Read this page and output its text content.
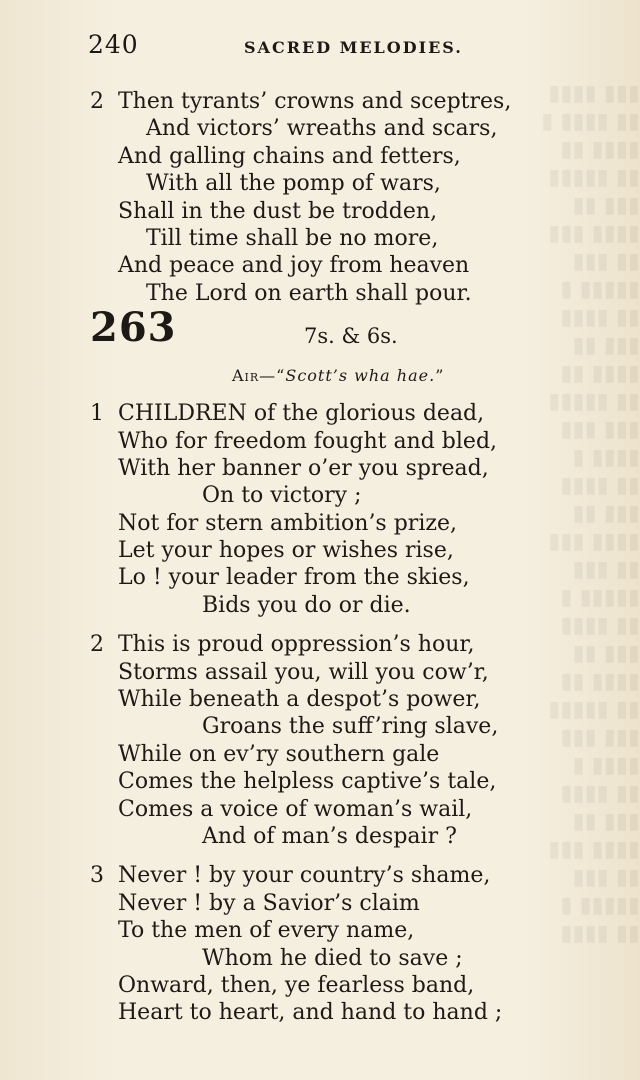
▮▮▮ ▮▮▮▮
▮▮ ▮▮▮▮ ▮
▮▮▮▮ ▮▮
▮▮ ▮▮▮▮▮
▮▮▮ ▮▮
▮▮▮▮ ▮▮▮
▮▮ ▮▮▮
▮▮▮▮▮ ▮
▮▮ ▮▮▮▮
▮▮▮ ▮▮
▮▮▮▮ ▮▮
▮▮ ▮▮▮▮▮
▮▮▮ ▮▮▮
▮▮▮▮ ▮
▮▮ ▮▮▮▮
▮▮▮ ▮▮
▮▮▮▮ ▮▮▮
▮▮ ▮▮▮
▮▮▮▮▮ ▮
▮▮ ▮▮▮▮
▮▮▮ ▮▮
▮▮▮▮ ▮▮
▮▮ ▮▮▮▮▮
▮▮▮ ▮▮▮
▮▮▮▮ ▮
▮▮ ▮▮▮▮
▮▮▮ ▮▮
▮▮▮▮ ▮▮▮
▮▮ ▮▮▮
▮▮▮▮▮ ▮
▮▮ ▮▮▮▮
240	SACRED MELODIES.
2 Then tyrants’ crowns and sceptres,
And victors’ wreaths and scars,
And galling chains and fetters,
With all the pomp of wars,
Shall in the dust be trodden,
Till time shall be no more,
And peace and joy from heaven
The Lord on earth shall pour.
263	7s. & 6s.
Air—“Scott’s wha hae.”
1 CHILDREN of the glorious dead,
Who for freedom fought and bled,
With her banner o’er you spread,
On to victory ;
Not for stern ambition’s prize,
Let your hopes or wishes rise,
Lo ! your leader from the skies,
Bids you do or die.
2 This is proud oppression’s hour,
Storms assail you, will you cow’r,
While beneath a despot’s power,
Groans the suff’ring slave,
While on ev’ry southern gale
Comes the helpless captive’s tale,
Comes a voice of woman’s wail,
And of man’s despair ?
3 Never ! by your country’s shame,
Never ! by a Savior’s claim
To the men of every name,
Whom he died to save ;
Onward, then, ye fearless band,
Heart to heart, and hand to hand ;
